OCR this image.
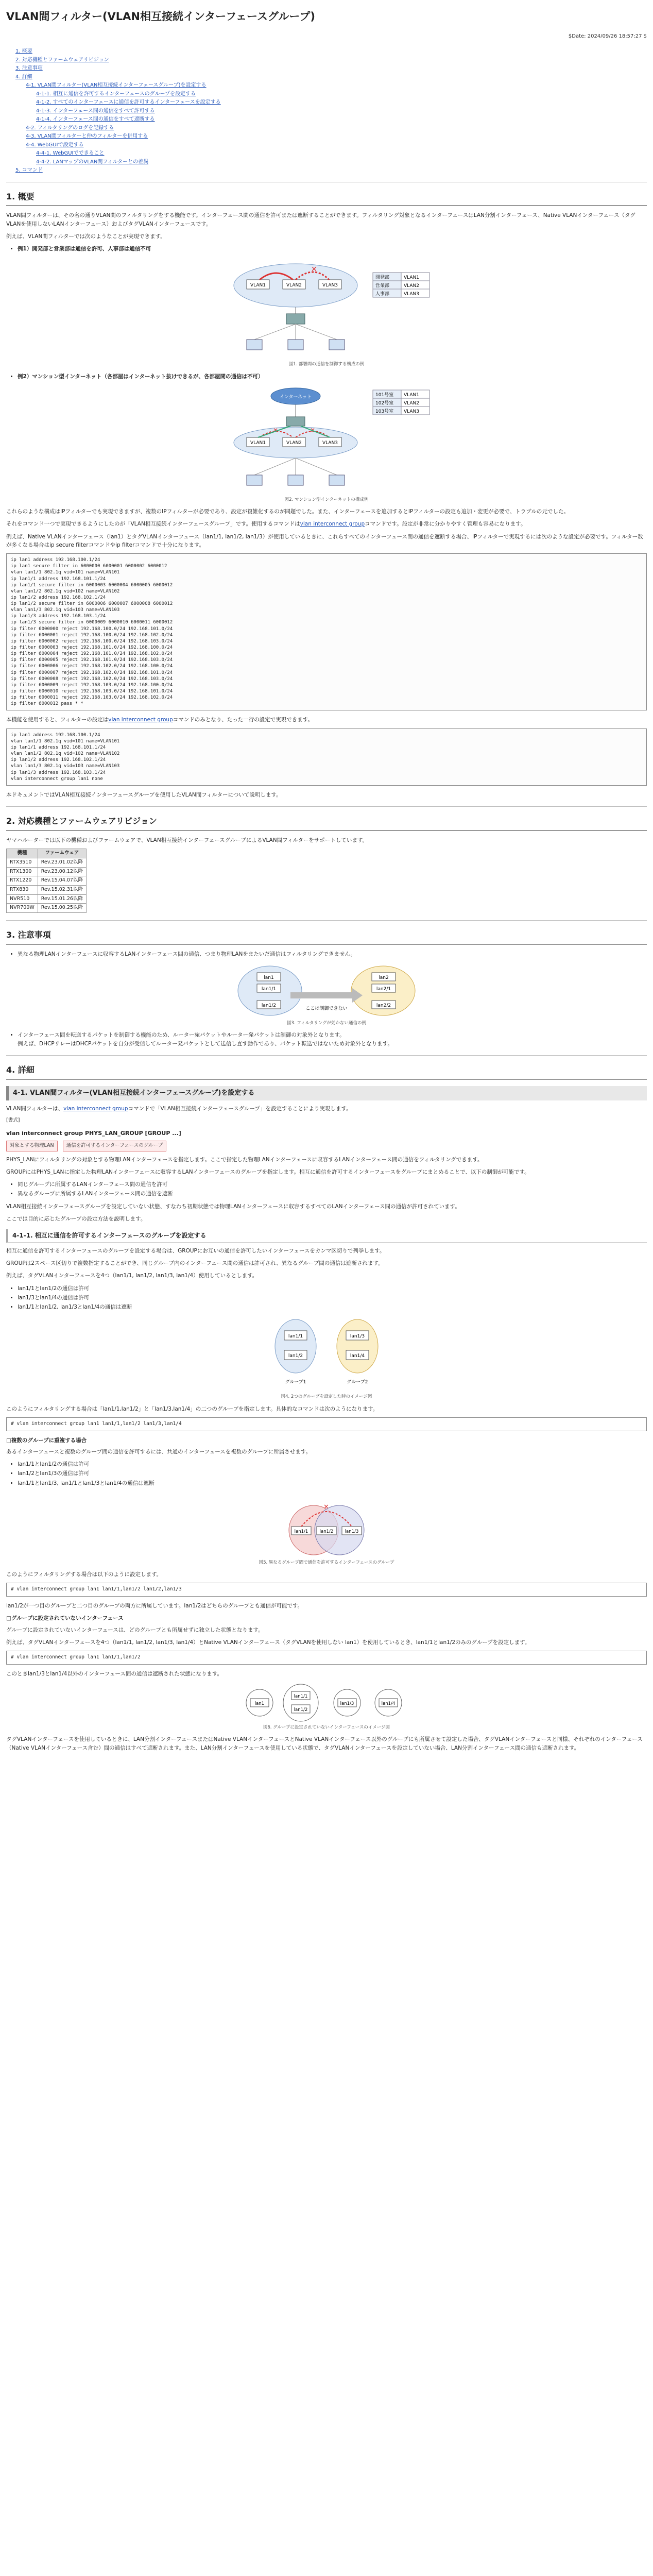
VLAN間フィルター(VLAN相互接続インターフェースグループ)
$Date: 2024/09/26 18:57:27 $
1. 概要
2. 対応機種とファームウェアリビジョン
3. 注意事項
4. 詳細
4-1. VLAN間フィルター(VLAN相互接続インターフェースグループ)を設定する
4-1-1. 相互に通信を許可するインターフェースのグループを設定する
4-1-2. すべてのインターフェースに通信を許可するインターフェースを設定する
4-1-3. インターフェース間の通信をすべて許可する
4-1-4. インターフェース間の通信をすべて遮断する
4-2. フィルタリングのログを記録する
4-3. VLAN間フィルターと仲のフィルターを併用する
4-4. WebGUIで設定する
4-4-1. WebGUIでできること
4-4-2. LANマップのVLAN間フィルターとの差異
5. コマンド
1. 概要

VLAN間フィルターは、その名の通りVLAN間のフィルタリングをする機能です。インターフェース間の通信を許可または遮断することができます。フィルタリング対象となるインターフェースはLAN分割インターフェース、Native VLANインターフェース（タグVLANを使用しないLANインターフェース）およびタグVLANインターフェースです。

例えば、VLAN間フィルターでは次のようなことが実現できます。

• 例1）開発部と営業部は通信を許可、人事部は通信不可
VLAN1	VLAN2	VLAN3
✕
開発部	VLAN1
営業部	VLAN2
人事部	VLAN3
図1. 部署間の通信を制御する構成の例
• 例2）マンション型インターネット（各部屋はインターネット抜けできるが、各部屋間の通信は不可）
インターネット
VLAN1	VLAN2	VLAN3
✕	✕
101号室 VLAN1
102号室 VLAN2
103号室 VLAN3
図2. マンション型インターネットの構成例

これらのような構成はIPフィルターでも実現できますが、複数のIPフィルターが必要であり、設定が複雑化するのが問題でした。また、インターフェースを追加するとIPフィルターの設定も追加・変更が必要で、トラブルの元でした。

それをコマンド一つで実現できるようにしたのが「VLAN相互接続インターフェースグループ」です。使用するコマンドはvlan interconnect groupコマンドです。設定が非常に分かりやすく管理も容易になります。

例えば、Native VLANインターフェース（lan1）とタグVLANインターフェース（lan1/1, lan1/2, lan1/3）が使用しているときに、これらすべてのインターフェース間の通信を遮断する場合、IPフィルターで実現するには次のような設定が必要です。フィルター数が多くなる場合はip secure filterコマンドやip filterコマンドで十分になります。

ip lan1 address 192.168.100.1/24
ip lan1 secure filter in 6000000 6000001 6000002 6000012
vlan lan1/1 802.1q vid=101 name=VLAN101
ip lan1/1 address 192.168.101.1/24
ip lan1/1 secure filter in 6000003 6000004 6000005 6000012
vlan lan1/2 802.1q vid=102 name=VLAN102
ip lan1/2 address 192.168.102.1/24
ip lan1/2 secure filter in 6000006 6000007 6000008 6000012
vlan lan1/3 802.1q vid=103 name=VLAN103
ip lan1/3 address 192.168.103.1/24
ip lan1/3 secure filter in 6000009 6000010 6000011 6000012
ip filter 6000000 reject 192.168.100.0/24 192.168.101.0/24
ip filter 6000001 reject 192.168.100.0/24 192.168.102.0/24
ip filter 6000002 reject 192.168.100.0/24 192.168.103.0/24
ip filter 6000003 reject 192.168.101.0/24 192.168.100.0/24
ip filter 6000004 reject 192.168.101.0/24 192.168.102.0/24
ip filter 6000005 reject 192.168.101.0/24 192.168.103.0/24
ip filter 6000006 reject 192.168.102.0/24 192.168.100.0/24
ip filter 6000007 reject 192.168.102.0/24 192.168.101.0/24
ip filter 6000008 reject 192.168.102.0/24 192.168.103.0/24
ip filter 6000009 reject 192.168.103.0/24 192.168.100.0/24
ip filter 6000010 reject 192.168.103.0/24 192.168.101.0/24
ip filter 6000011 reject 192.168.103.0/24 192.168.102.0/24
ip filter 6000012 pass * *

本機能を使用すると、フィルターの設定はvlan interconnect groupコマンドのみとなり、たった一行の設定で実現できます。

ip lan1 address 192.168.100.1/24
vlan lan1/1 802.1q vid=101 name=VLAN101
ip lan1/1 address 192.168.101.1/24
vlan lan1/2 802.1q vid=102 name=VLAN102
ip lan1/2 address 192.168.102.1/24
vlan lan1/3 802.1q vid=103 name=VLAN103
ip lan1/3 address 192.168.103.1/24
vlan interconnect group lan1 none

本ドキュメントではVLAN相互接続インターフェースグループを使用したVLAN間フィルターについて説明します。

2. 対応機種とファームウェアリビジョン

ヤマハルーターでは以下の機種およびファームウェアで、VLAN相互接続インターフェースグループによるVLAN間フィルターをサポートしています。

機種	ファームウェア
RTX3510	Rev.23.01.02以降
RTX1300	Rev.23.00.12以降
RTX1220	Rev.15.04.07以降
RTX830	Rev.15.02.31以降
NVR510	Rev.15.01.26以降
NVR700W	Rev.15.00.25以降
3. 注意事項
• 異なる物理LANインターフェースに収容するLANインターフェース間の通信、つまり物理LANをまたいだ通信はフィルタリングできません。
lan1
lan1/1
lan1/2
lan2
lan2/1
lan2/2
ここは制御できない
図3. フィルタリングが効かない通信の例
• インターフェース間を転送するパケットを制御する機能のため、ルーター宛パケットやルーター発パケットは制御の対象外となります。
例えば、DHCPリレーはDHCPパケットを自分が受信してルーター発パケットとして送信し直す動作であり、パケット転送ではないため対象外となります。
4. 詳細
4-1. VLAN間フィルター(VLAN相互接続インターフェースグループ)を設定する

VLAN間フィルターは、vlan interconnect groupコマンドで「VLAN相互接続インターフェースグループ」を設定することにより実現します。

[書式]

vlan interconnect group PHYS_LAN_GROUP [GROUP ...]
対象とする物理LAN	通信を許可するインターフェースのグループ

PHYS_LANにフィルタリングの対象とする物理LANインターフェースを指定します。ここで指定した物理LANインターフェースに収容するLANインターフェース間の通信をフィルタリングできます。

GROUPにはPHYS_LANに指定した物理LANインターフェースに収容するLANインターフェースのグループを指定します。相互に通信を許可するインターフェースをグループにまとめることで、以下の制御が可能です。

• 同じグループに所属するLANインターフェース間の通信を許可
• 異なるグループに所属するLANインターフェース間の通信を遮断

VLAN相互接続インターフェースグループを設定していない状態、すなわち初期状態では物理LANインターフェースに収容するすべてのLANインターフェース間の通信が許可されています。

ここでは目的に応じたグループの設定方法を説明します。

4-1-1. 相互に通信を許可するインターフェースのグループを設定する

相互に通信を許可するインターフェースのグループを設定する場合は、GROUPにお互いの通信を許可したいインターフェースをカンマ区切りで列挙します。

GROUPは2スペース区切りで複数指定することができ、同じグループ内のインターフェース間の通信は許可され、異なるグループ間の通信は遮断されます。

例えば、タグVLANインターフェースを4つ（lan1/1, lan1/2, lan1/3, lan1/4）使用しているとします。

• lan1/1とlan1/2の通信は許可
• lan1/3とlan1/4の通信は許可
• lan1/1とlan1/2, lan1/3とlan1/4の通信は遮断
lan1/1
lan1/2
lan1/3
lan1/4
グループ1	グループ2
図4. 2つのグループを設定した時のイメージ図

このようにフィルタリングする場合は「lan1/1,lan1/2」と「lan1/3,lan1/4」の二つのグループを指定します。具体的なコマンドは次のようになります。

# vlan interconnect group lan1 lan1/1,lan1/2 lan1/3,lan1/4
□複数のグループに重複する場合

あるインターフェースと複数のグループ間の通信を許可するには、共通のインターフェースを複数のグループに所属させます。

• lan1/1とlan1/2の通信は許可
• lan1/2とlan1/3の通信は許可
• lan1/1とlan1/3, lan1/1とlan1/3とlan1/4の通信は遮断
lan1/1	lan1/2	lan1/3
✕
図5. 異なるグループ間で通信を許可するインターフェースのグループ

このようにフィルタリングする場合は以下のように設定します。

# vlan interconnect group lan1 lan1/1,lan1/2 lan1/2,lan1/3

lan1/2が一つ目のグループと二つ目のグループの両方に所属しています。lan1/2はどちらのグループとも通信が可能です。

□グループに設定されていないインターフェース

グループに設定されていないインターフェースは、どのグループとも所属せずに独立した状態となります。

例えば、タグVLANインターフェースを4つ（lan1/1, lan1/2, lan1/3, lan1/4）とNative VLANインターフェース（タグVLANを使用しない lan1）を使用しているとき、lan1/1とlan1/2のみのグループを設定します。

# vlan interconnect group lan1 lan1/1,lan1/2

このときlan1/3とlan1/4以外のインターフェース間の通信は遮断された状態になります。

lan1
lan1/1
lan1/2
lan1/3	lan1/4
図6. グループに設定されていないインターフェースのイメージ図

タグVLANインターフェースを使用しているときに、LAN分割インターフェースまたはNative VLANインターフェースとNative VLANインターフェース以外のグループにも所属させて設定した場合、タグVLANインターフェースと同様、それぞれのインターフェース（Native VLANインターフェース含む）間の通信はすべて遮断されます。また、LAN分割インターフェースを使用している状態で、タグVLANインターフェースを設定していない場合、LAN分割インターフェース間の通信も遮断されます。
